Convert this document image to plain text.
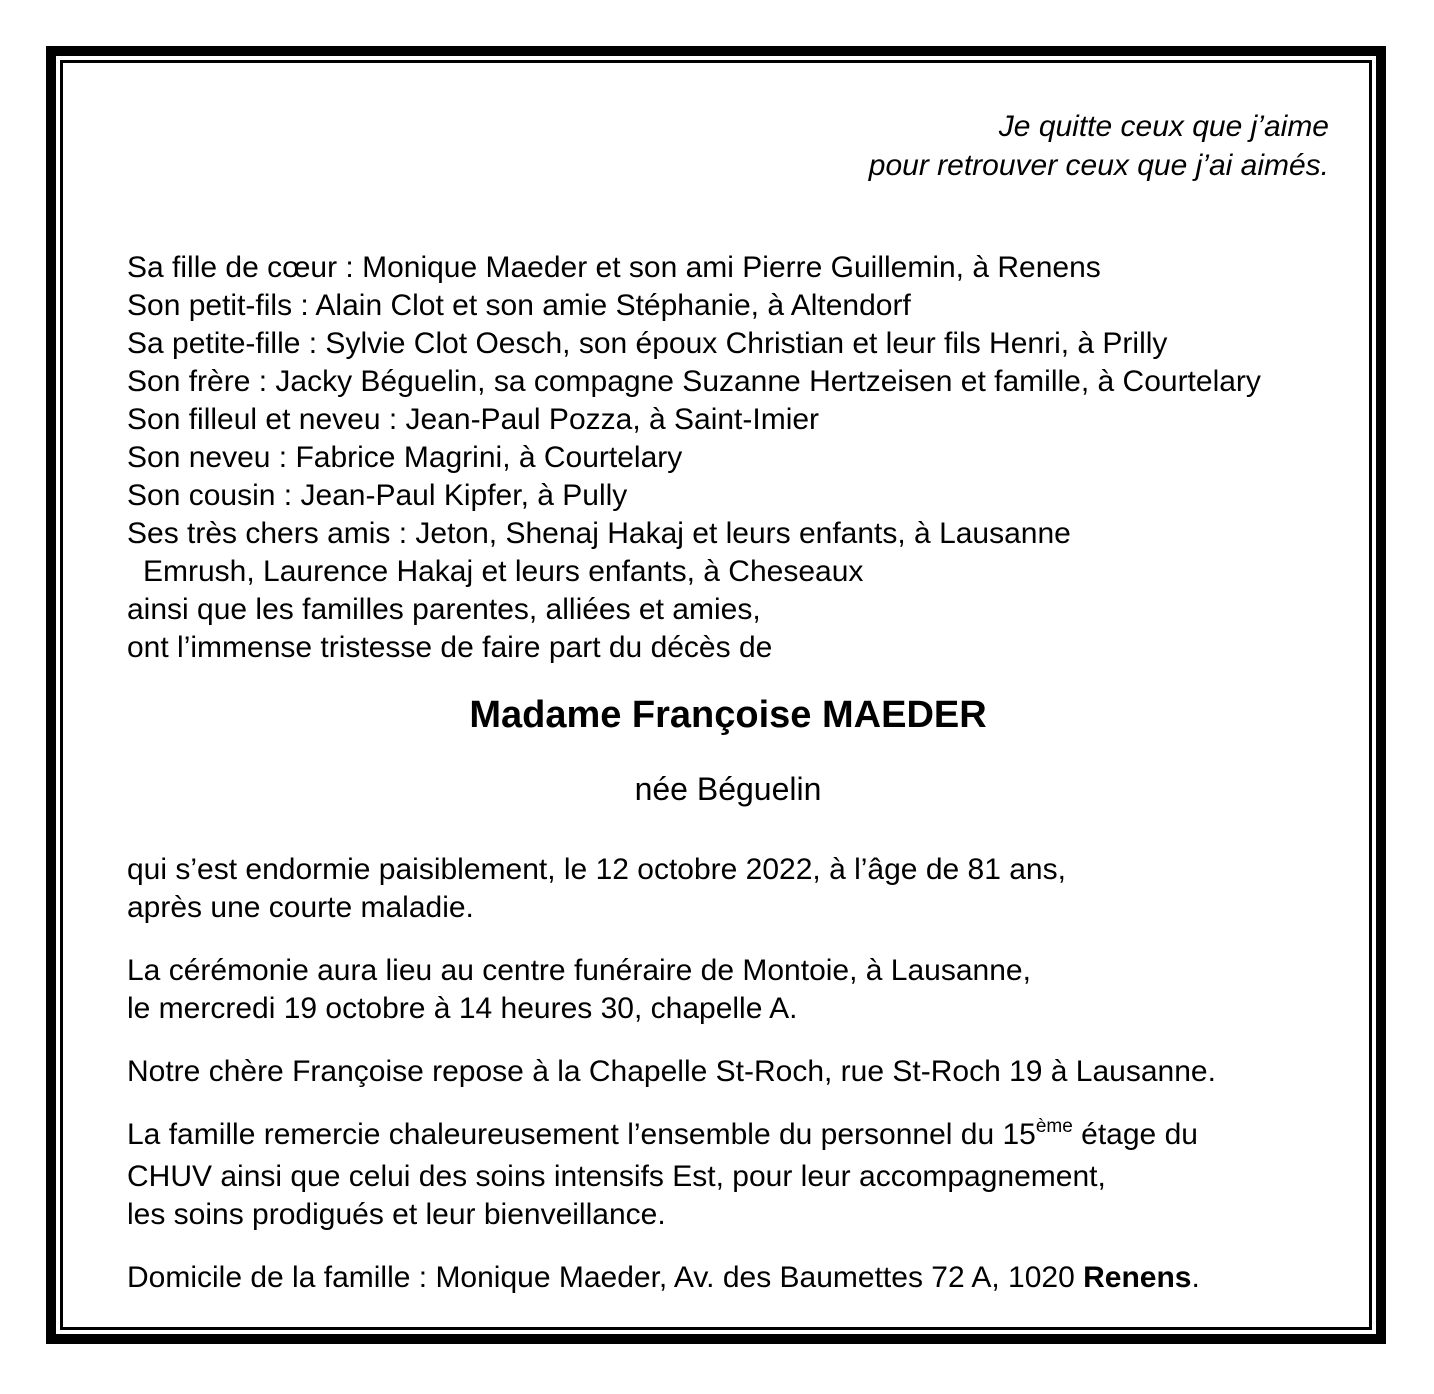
Je quitte ceux que j’aime
pour retrouver ceux que j’ai aimés.
Sa fille de cœur : Monique Maeder et son ami Pierre Guillemin, à Renens
Son petit-fils : Alain Clot et son amie Stéphanie, à Altendorf
Sa petite-fille : Sylvie Clot Oesch, son époux Christian et leur fils Henri, à Prilly
Son frère : Jacky Béguelin, sa compagne Suzanne Hertzeisen et famille, à Courtelary
Son filleul et neveu : Jean-Paul Pozza, à Saint-Imier
Son neveu : Fabrice Magrini, à Courtelary
Son cousin : Jean-Paul Kipfer, à Pully
Ses très chers amis : Jeton, Shenaj Hakaj et leurs enfants, à Lausanne
Emrush, Laurence Hakaj et leurs enfants, à Cheseaux
ainsi que les familles parentes, alliées et amies,
ont l’immense tristesse de faire part du décès de
Madame Françoise MAEDER
née Béguelin
qui s’est endormie paisiblement, le 12 octobre 2022, à l’âge de 81 ans,
après une courte maladie.
La cérémonie aura lieu au centre funéraire de Montoie, à Lausanne,
le mercredi 19 octobre à 14 heures 30, chapelle A.
Notre chère Françoise repose à la Chapelle St-Roch, rue St-Roch 19 à Lausanne.
La famille remercie chaleureusement l’ensemble du personnel du 15ème étage du
CHUV ainsi que celui des soins intensifs Est, pour leur accompagnement,
les soins prodigués et leur bienveillance.
Domicile de la famille : Monique Maeder, Av. des Baumettes 72 A, 1020 Renens.
